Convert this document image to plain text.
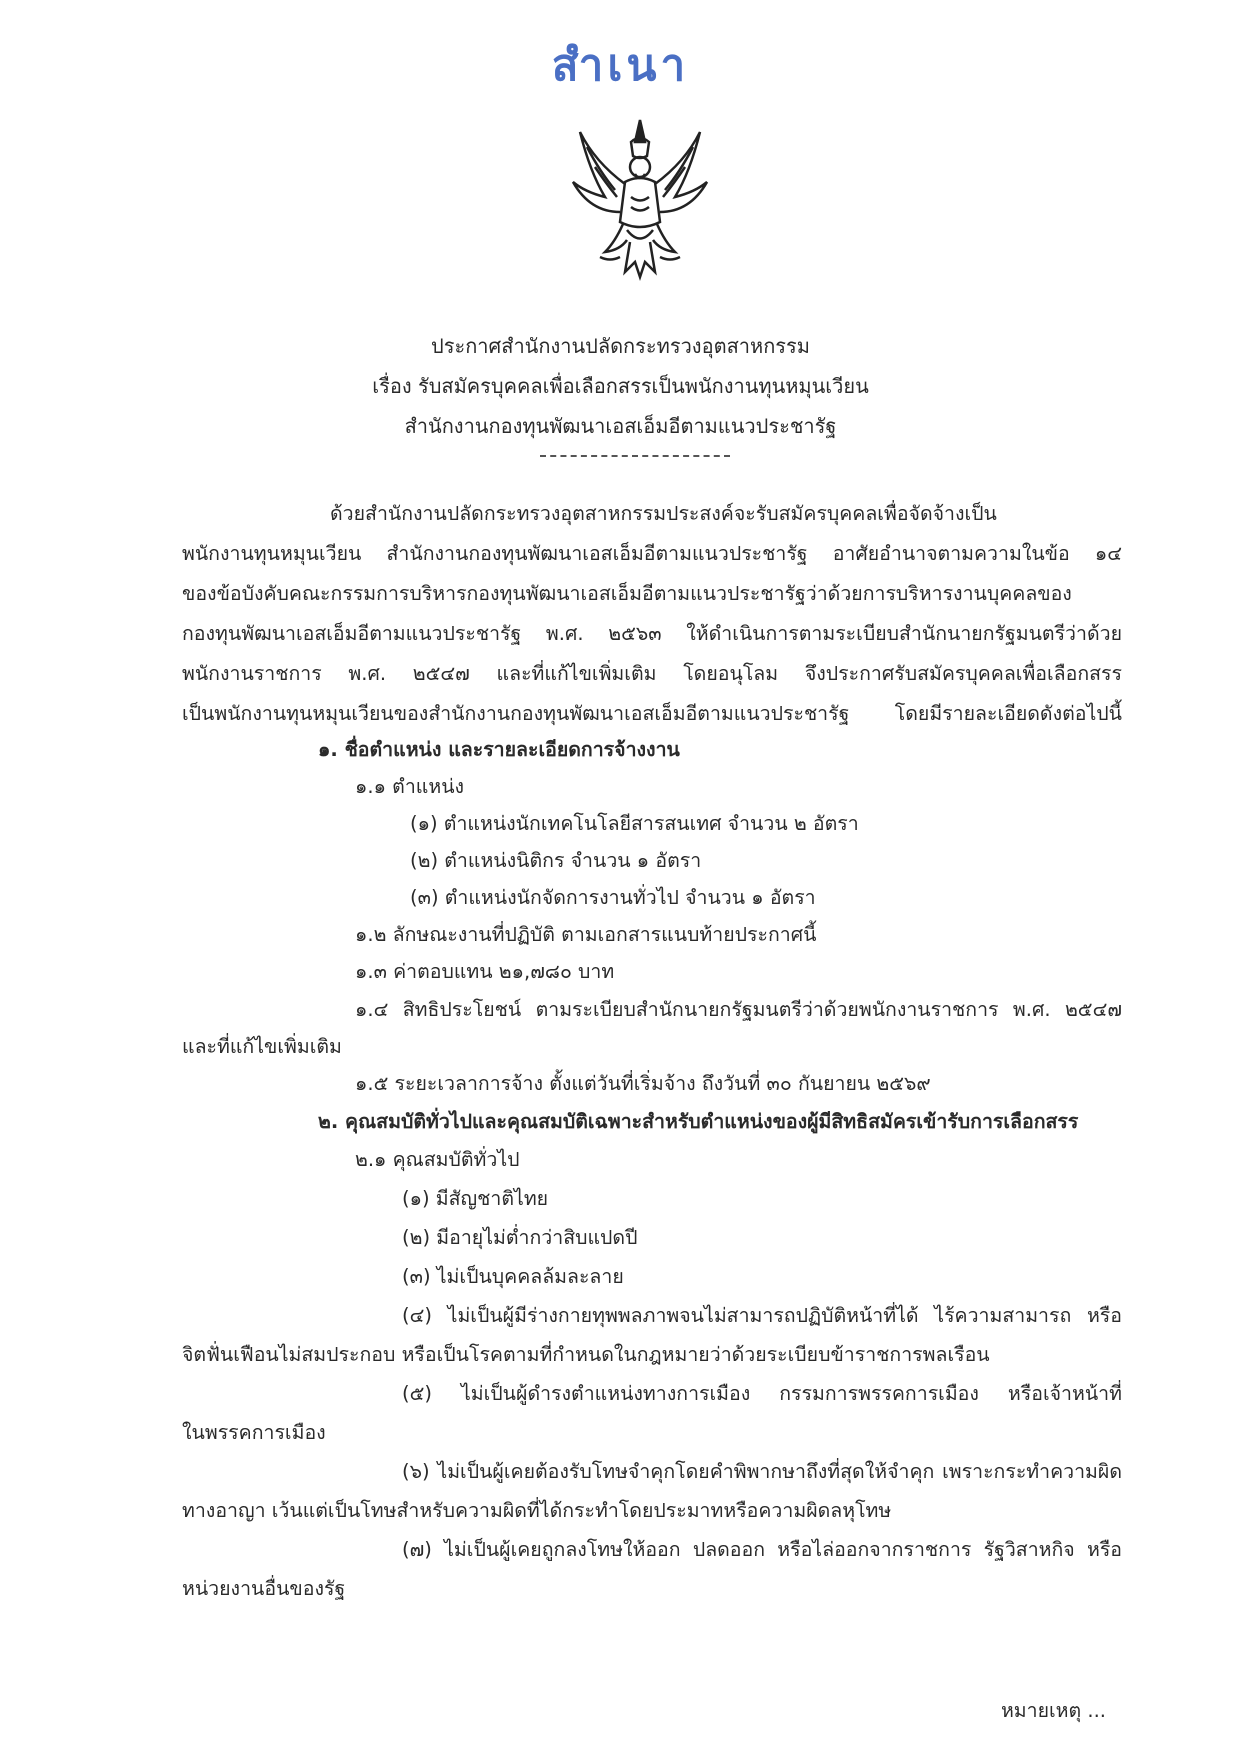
สำเนา
ประกาศสำนักงานปลัดกระทรวงอุตสาหกรรม
เรื่อง รับสมัครบุคคลเพื่อเลือกสรรเป็นพนักงานทุนหมุนเวียน
สำนักงานกองทุนพัฒนาเอสเอ็มอีตามแนวประชารัฐ
ด้วยสำนักงานปลัดกระทรวงอุตสาหกรรมประสงค์จะรับสมัครบุคคลเพื่อจัดจ้างเป็น
พนักงานทุนหมุนเวียน สำนักงานกองทุนพัฒนาเอสเอ็มอีตามแนวประชารัฐ อาศัยอำนาจตามความในข้อ ๑๔
ของข้อบังคับคณะกรรมการบริหารกองทุนพัฒนาเอสเอ็มอีตามแนวประชารัฐว่าด้วยการบริหารงานบุคคลของ
กองทุนพัฒนาเอสเอ็มอีตามแนวประชารัฐ พ.ศ. ๒๕๖๓ ให้ดำเนินการตามระเบียบสำนักนายกรัฐมนตรีว่าด้วย
พนักงานราชการ พ.ศ. ๒๕๔๗ และที่แก้ไขเพิ่มเติม โดยอนุโลม จึงประกาศรับสมัครบุคคลเพื่อเลือกสรร
เป็นพนักงานทุนหมุนเวียนของสำนักงานกองทุนพัฒนาเอสเอ็มอีตามแนวประชารัฐ โดยมีรายละเอียดดังต่อไปนี้
๑. ชื่อตำแหน่ง และรายละเอียดการจ้างงาน
๑.๑ ตำแหน่ง
(๑) ตำแหน่งนักเทคโนโลยีสารสนเทศ จำนวน ๒ อัตรา
(๒) ตำแหน่งนิติกร จำนวน ๑ อัตรา
(๓) ตำแหน่งนักจัดการงานทั่วไป จำนวน ๑ อัตรา
๑.๒ ลักษณะงานที่ปฏิบัติ ตามเอกสารแนบท้ายประกาศนี้
๑.๓ ค่าตอบแทน ๒๑,๗๘๐ บาท
๑.๔ สิทธิประโยชน์ ตามระเบียบสำนักนายกรัฐมนตรีว่าด้วยพนักงานราชการ พ.ศ. ๒๕๔๗
และที่แก้ไขเพิ่มเติม
๑.๕ ระยะเวลาการจ้าง ตั้งแต่วันที่เริ่มจ้าง ถึงวันที่ ๓๐ กันยายน ๒๕๖๙
๒. คุณสมบัติทั่วไปและคุณสมบัติเฉพาะสำหรับตำแหน่งของผู้มีสิทธิสมัครเข้ารับการเลือกสรร
๒.๑ คุณสมบัติทั่วไป
(๑) มีสัญชาติไทย
(๒) มีอายุไม่ต่ำกว่าสิบแปดปี
(๓) ไม่เป็นบุคคลล้มละลาย
(๔) ไม่เป็นผู้มีร่างกายทุพพลภาพจนไม่สามารถปฏิบัติหน้าที่ได้ ไร้ความสามารถ หรือ
จิตฟั่นเฟือนไม่สมประกอบ หรือเป็นโรคตามที่กำหนดในกฎหมายว่าด้วยระเบียบข้าราชการพลเรือน
(๕) ไม่เป็นผู้ดำรงตำแหน่งทางการเมือง กรรมการพรรคการเมือง หรือเจ้าหน้าที่
ในพรรคการเมือง
(๖) ไม่เป็นผู้เคยต้องรับโทษจำคุกโดยคำพิพากษาถึงที่สุดให้จำคุก เพราะกระทำความผิด
ทางอาญา เว้นแต่เป็นโทษสำหรับความผิดที่ได้กระทำโดยประมาทหรือความผิดลหุโทษ
(๗) ไม่เป็นผู้เคยถูกลงโทษให้ออก ปลดออก หรือไล่ออกจากราชการ รัฐวิสาหกิจ หรือ
หน่วยงานอื่นของรัฐ
หมายเหตุ ...
